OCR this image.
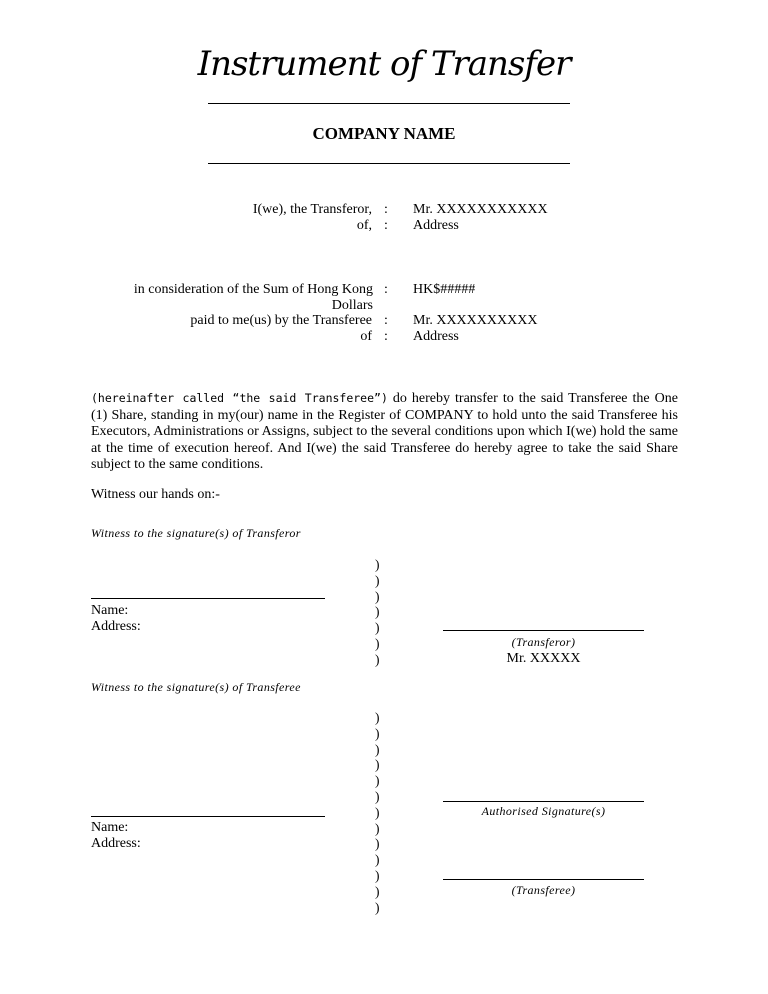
Instrument of Transfer
COMPANY NAME
I(we), the Transferor, : Mr. XXXXXXXXXXX
of, : Address
in consideration of the Sum of Hong Kong Dollars
: HK$#####
paid to me(us) by the Transferee : Mr. XXXXXXXXXX
of : Address
(hereinafter called “the said Transferee”) do hereby transfer to the said Transferee the One (1) Share, standing in my(our) name in the Register of COMPANY to hold unto the said Transferee his Executors, Administrations or Assigns, subject to the several conditions upon which I(we) hold the same at the time of execution hereof. And I(we) the said Transferee do hereby agree to take the said Share subject to the same conditions.
Witness our hands on:-
Witness to the signature(s) of Transferor
)
)
)
)
)
)
)
Name:
Address:
(Transferor)
Mr. XXXXX
Witness to the signature(s) of Transferee
)
)
)
)
)
)
)
)
)
)
)
)
)
Authorised Signature(s)
Name:
Address:
(Transferee)
